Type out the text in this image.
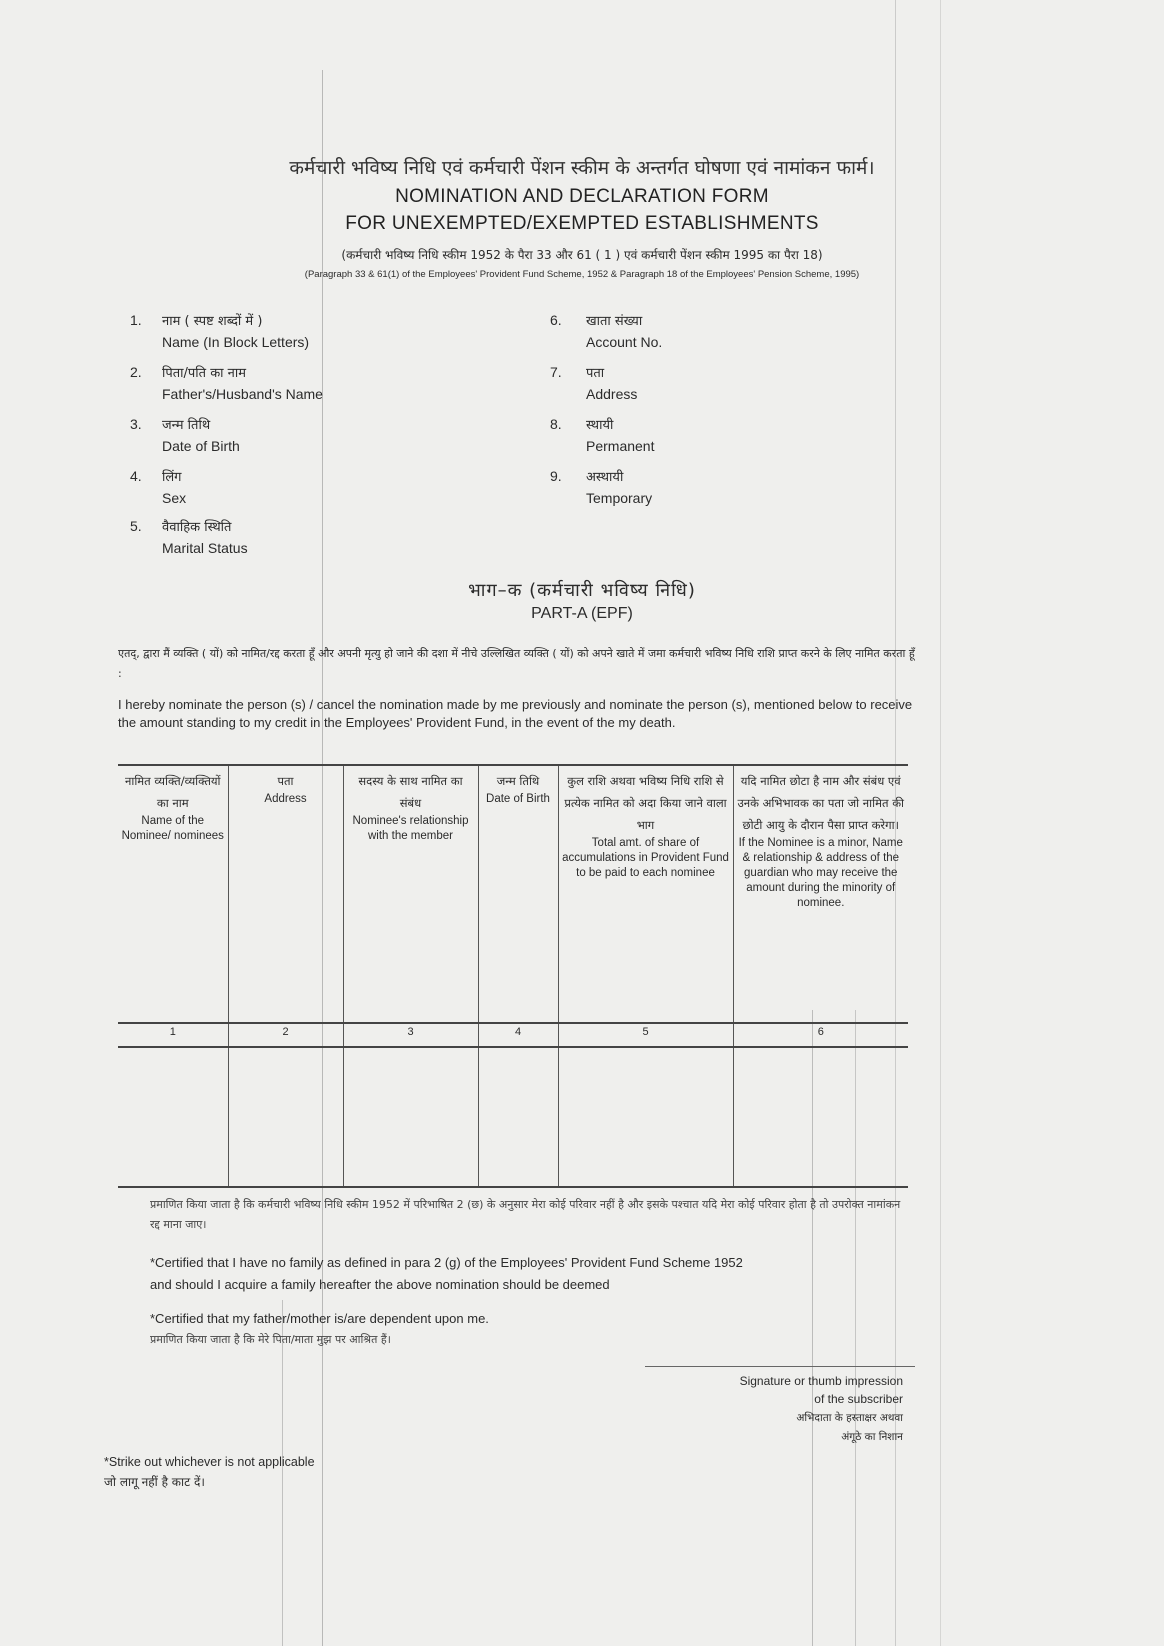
कर्मचारी भविष्य निधि एवं कर्मचारी पेंशन स्कीम के अन्तर्गत घोषणा एवं नामांकन फार्म।
NOMINATION AND DECLARATION FORM
FOR UNEXEMPTED/EXEMPTED ESTABLISHMENTS
(कर्मचारी भविष्य निधि स्कीम 1952 के पैरा 33 और 61 ( 1 ) एवं कर्मचारी पेंशन स्कीम 1995 का पैरा 18)
(Paragraph 33 & 61(1) of the Employees' Provident Fund Scheme, 1952 & Paragraph 18 of the Employees' Pension Scheme, 1995)
1.	नाम ( स्पष्ट शब्दों में )
Name (In Block Letters)
2.	पिता/पति का नाम
Father's/Husband's Name
3.	जन्म तिथि
Date of Birth
4.	लिंग
Sex
5.	वैवाहिक स्थिति
Marital Status
6.	खाता संख्या
Account No.
7.	पता
Address
8.	स्थायी
Permanent
9.	अस्थायी
Temporary
भाग–क (कर्मचारी भविष्य निधि)
PART-A (EPF)
एतद्, द्वारा मैं व्यक्ति ( यों) को नामित/रद्द करता हूँ और अपनी मृत्यु हो जाने की दशा में नीचे उल्लिखित व्यक्ति ( यों) को अपने खाते में जमा कर्मचारी भविष्य निधि राशि प्राप्त करने के लिए नामित करता हूँ :
I hereby nominate the person (s) / cancel the nomination made by me previously and nominate the person (s), mentioned below to receive the amount standing to my credit in the Employees' Provident Fund, in the event of the my death.
नामित व्यक्ति/व्यक्तियों का नाम
Name of the Nominee/ nominees	पता
Address	सदस्य के साथ नामित का संबंध
Nominee's relationship with the member	जन्म तिथि
Date of Birth	कुल राशि अथवा भविष्य निधि राशि से प्रत्येक नामित को अदा किया जाने वाला भाग
Total amt. of share of accumulations in Provident Fund to be paid to each nominee	यदि नामित छोटा है नाम और संबंध एवं उनके अभिभावक का पता जो नामित की छोटी आयु के दौरान पैसा प्राप्त करेगा।
If the Nominee is a minor, Name & relationship & address of the guardian who may receive the amount during the minority of nominee.

1	2	3	4	5	6

प्रमाणित किया जाता है कि कर्मचारी भविष्य निधि स्कीम 1952 में परिभाषित 2 (छ) के अनुसार मेरा कोई परिवार नहीं है और इसके पश्चात यदि मेरा कोई परिवार होता है तो उपरोक्त नामांकन रद्द माना जाए।
*Certified that I have no family as defined in para 2 (g) of the Employees' Provident Fund Scheme 1952
and should I acquire a family hereafter the above nomination should be deemed
*Certified that my father/mother is/are dependent upon me.
प्रमाणित किया जाता है कि मेरे पिता/माता मुझ पर आश्रित हैं।
Signature or thumb impression
of the subscriber
अभिदाता के हस्ताक्षर अथवा
अंगूठे का निशान
*Strike out whichever is not applicable
जो लागू नहीं है काट दें।
